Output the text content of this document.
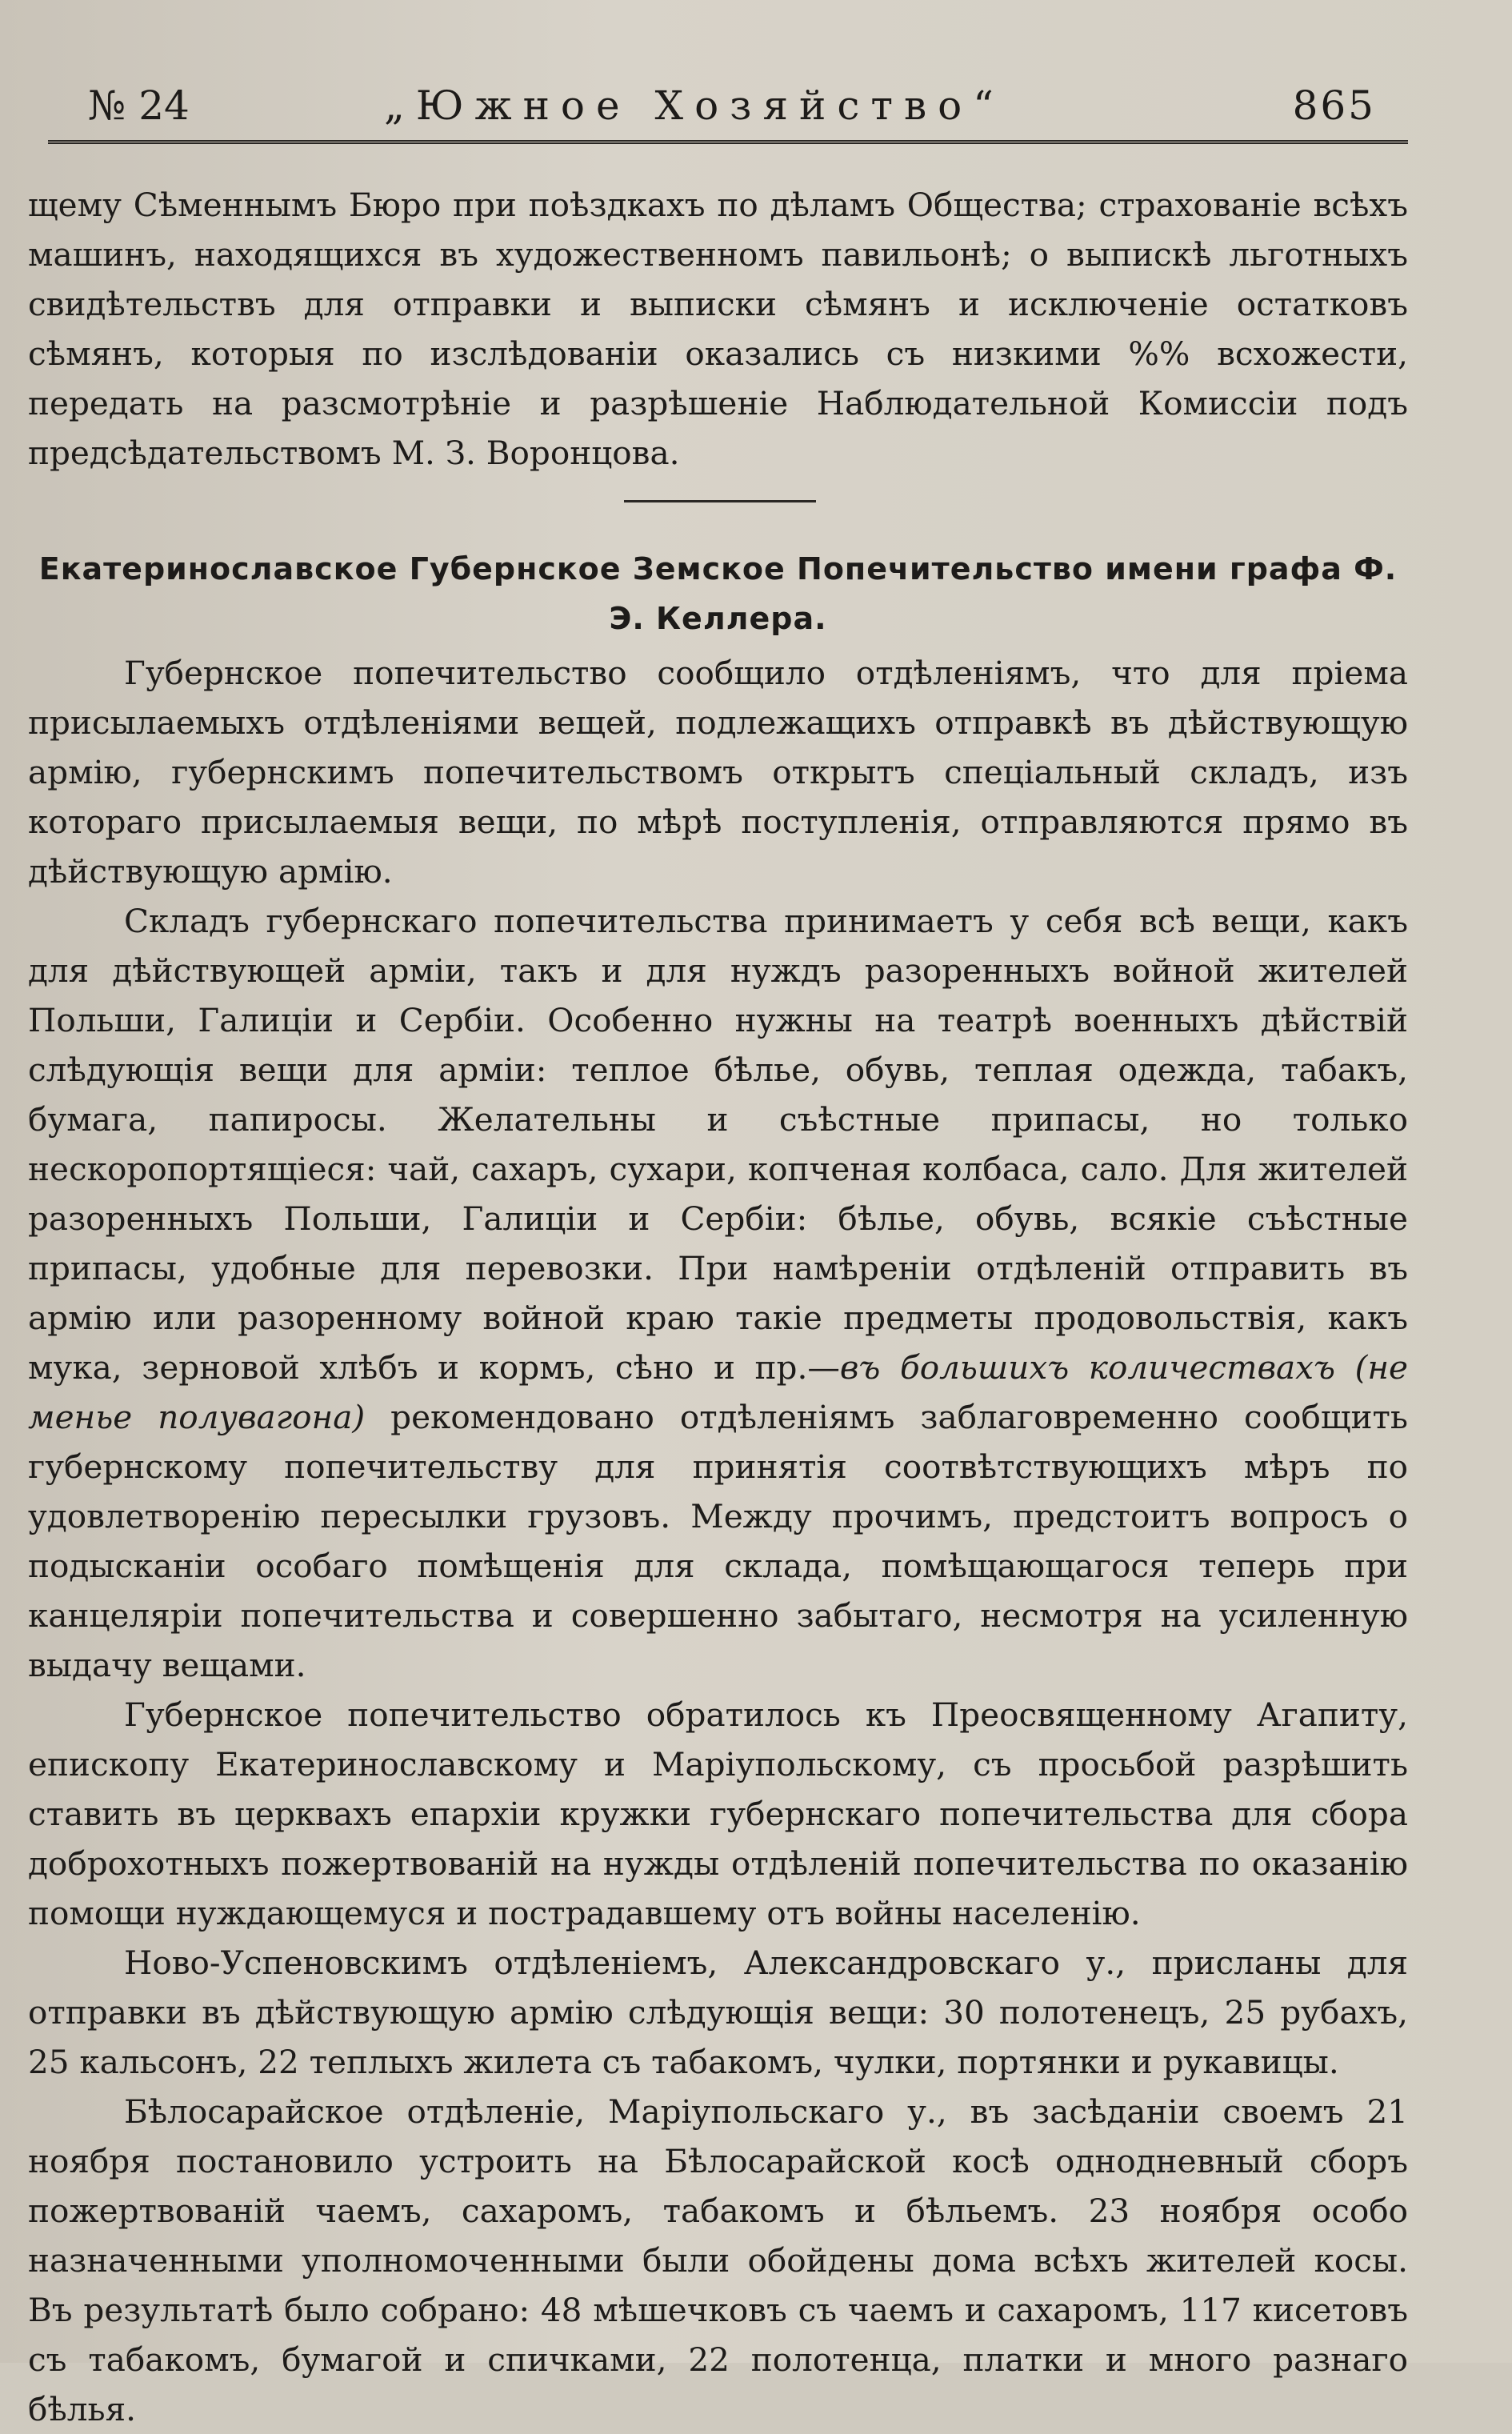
№ 24	„Южное Хозяйство“	865

щему Сѣменнымъ Бюро при поѣздкахъ по дѣламъ Общества; страхованіе всѣхъ машинъ, находящихся въ художественномъ павильонѣ; о выпискѣ льготныхъ свидѣтельствъ для отправки и выписки сѣмянъ и исключеніе остатковъ сѣмянъ, которыя по изслѣдованіи оказались съ низкими %% всхожести, передать на разсмотрѣніе и разрѣшеніе Наблюдательной Комиссіи подъ предсѣдательствомъ М. З. Воронцова.

Екатеринославское Губернское Земское Попечительство имени графа Ф. Э. Келлера.

Губернское попечительство сообщило отдѣленіямъ, что для пріема присылаемыхъ отдѣленіями вещей, подлежащихъ отправкѣ въ дѣйствующую армію, губернскимъ попечительствомъ открытъ спеціальный складъ, изъ котораго присылаемыя вещи, по мѣрѣ поступленія, отправляются прямо въ дѣйствующую армію.

Складъ губернскаго попечительства принимаетъ у себя всѣ вещи, какъ для дѣйствующей арміи, такъ и для нуждъ разоренныхъ войной жителей Польши, Галиціи и Сербіи. Особенно нужны на театрѣ военныхъ дѣйствій слѣдующія вещи для арміи: теплое бѣлье, обувь, теплая одежда, табакъ, бумага, папиросы. Желательны и съѣстные припасы, но только нескоропортящіеся: чай, сахаръ, сухари, копченая колбаса, сало. Для жителей разоренныхъ Польши, Галиціи и Сербіи: бѣлье, обувь, всякіе съѣстные припасы, удобные для перевозки. При намѣреніи отдѣленій отправить въ армію или разоренному войной краю такіе предметы продовольствія, какъ мука, зерновой хлѣбъ и кормъ, сѣно и пр.—въ большихъ количествахъ (не менье полувагона) рекомендовано отдѣленіямъ заблаговременно сообщить губернскому попечительству для принятія соотвѣтствующихъ мѣръ по удовлетворенію пересылки грузовъ. Между прочимъ, предстоитъ вопросъ о подысканіи особаго помѣщенія для склада, помѣщающагося теперь при канцеляріи попечительства и совершенно забытаго, несмотря на усиленную выдачу вещами.

Губернское попечительство обратилось къ Преосвященному Агапиту, епископу Екатеринославскому и Маріупольскому, съ просьбой разрѣшить ставить въ церквахъ епархіи кружки губернскаго попечительства для сбора доброхотныхъ пожертвованій на нужды отдѣленій попечительства по оказанію помощи нуждающемуся и пострадавшему отъ войны населенію.

Ново-Успеновскимъ отдѣленіемъ, Александровскаго у., присланы для отправки въ дѣйствующую армію слѣдующія вещи: 30 полотенецъ, 25 рубахъ, 25 кальсонъ, 22 теплыхъ жилета съ табакомъ, чулки, портянки и рукавицы.

Бѣлосарайское отдѣленіе, Маріупольскаго у., въ засѣданіи своемъ 21 ноября постановило устроить на Бѣлосарайской косѣ однодневный сборъ пожертвованій чаемъ, сахаромъ, табакомъ и бѣльемъ. 23 ноября особо назначенными уполномоченными были обойдены дома всѣхъ жителей косы. Въ результатѣ было собрано: 48 мѣшечковъ съ чаемъ и сахаромъ, 117 кисетовъ съ табакомъ, бумагой и спичками, 22 полотенца, платки и много разнаго бѣлья.
